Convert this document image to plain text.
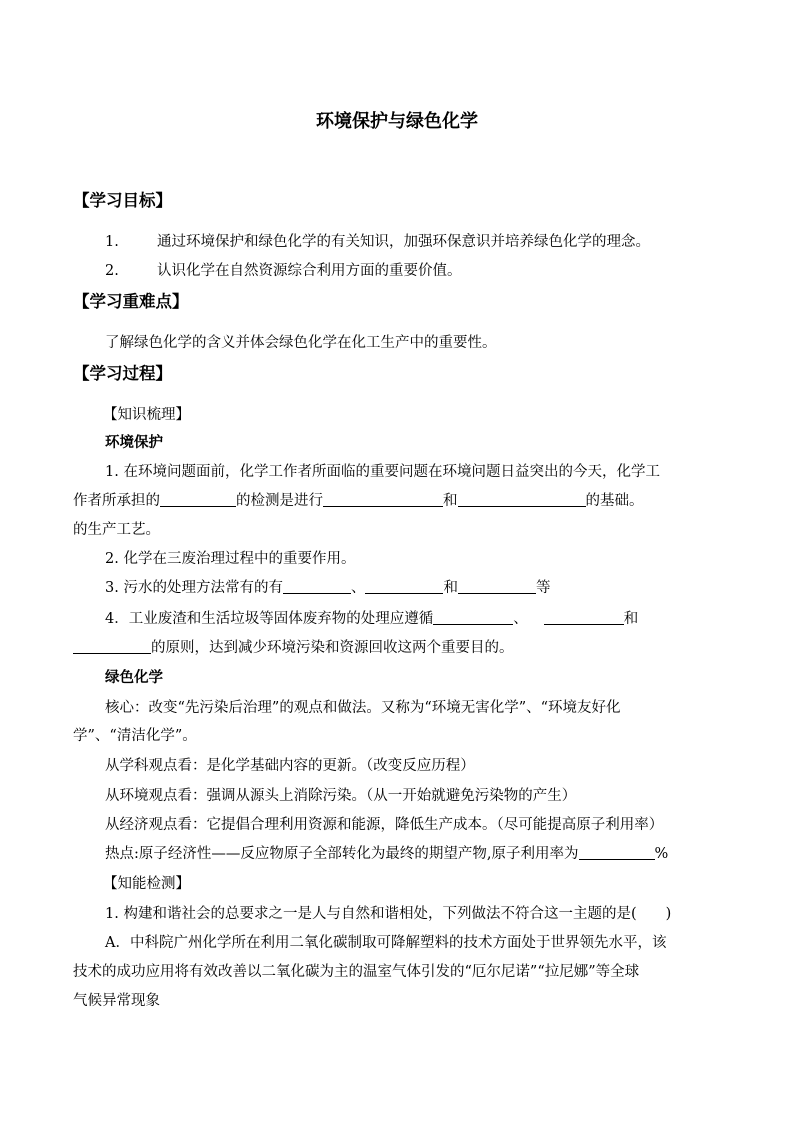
环境保护与绿色化学
【学习目标】
1.	通过环境保护和绿色化学的有关知识，加强环保意识并培养绿色化学的理念。
2.	认识化学在自然资源综合利用方面的重要价值。
【学习重难点】
了解绿色化学的含义并体会绿色化学在化工生产中的重要性。
【学习过程】
【知识梳理】
环境保护
1. 在环境问题面前，化学工作者所面临的重要问题在环境问题日益突出的今天，化学工
作者所承担的	的检测是进行	和	的基础。
的生产工艺。
2. 化学在三废治理过程中的重要作用。
3. 污水的处理方法常有的有	、	和	等
4．工业废渣和生活垃圾等固体废弃物的处理应遵循	、	和
的原则，达到减少环境污染和资源回收这两个重要目的。
绿色化学
核心：改变“先污染后治理”的观点和做法。又称为“环境无害化学”、“环境友好化
学”、“清洁化学”。
从学科观点看：是化学基础内容的更新。（改变反应历程）
从环境观点看：强调从源头上消除污染。（从一开始就避免污染物的产生）
从经济观点看：它提倡合理利用资源和能源，降低生产成本。（尽可能提高原子利用率）
热点:原子经济性——反应物原子全部转化为最终的期望产物,原子利用率为	%
【知能检测】
1. 构建和谐社会的总要求之一是人与自然和谐相处，下列做法不符合这一主题的是(　　)
A．中科院广州化学所在利用二氧化碳制取可降解塑料的技术方面处于世界领先水平，该
技术的成功应用将有效改善以二氧化碳为主的温室气体引发的“厄尔尼诺”“拉尼娜”等全球
气候异常现象
